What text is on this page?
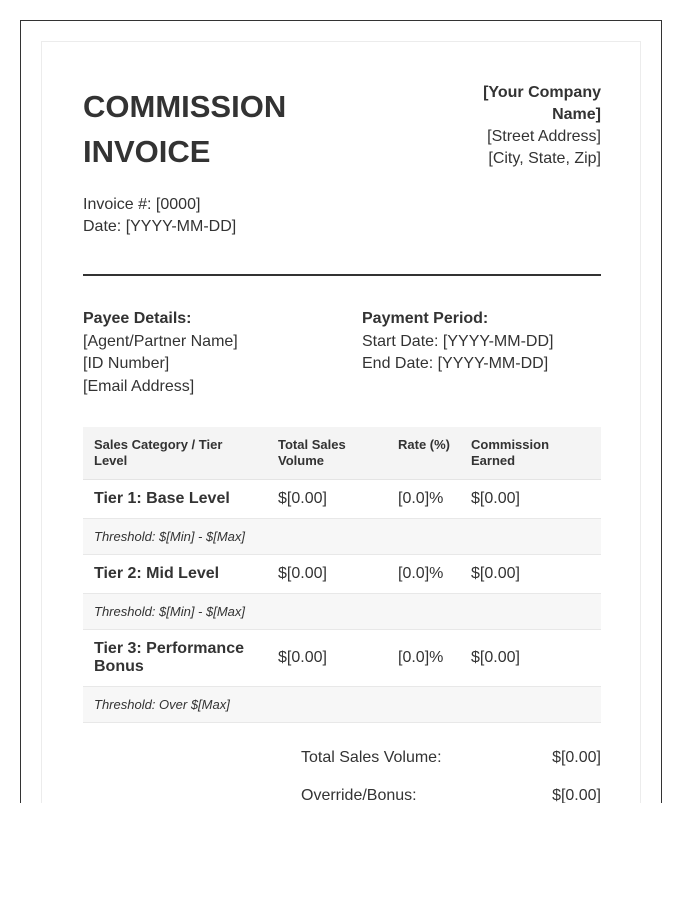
COMMISSION
INVOICE
[Your Company Name]
[Street Address]
[City, State, Zip]
Invoice #: [0000]
Date: [YYYY-MM-DD]
Payee Details:
[Agent/Partner Name]
[ID Number]
[Email Address]
Payment Period:
Start Date: [YYYY-MM-DD]
End Date: [YYYY-MM-DD]
Sales Category / Tier Level	Total Sales Volume	Rate (%)	Commission Earned
Tier 1: Base Level	$[0.00]	[0.0]%	$[0.00]
Threshold: $[Min] - $[Max]			
Tier 2: Mid Level	$[0.00]	[0.0]%	$[0.00]
Threshold: $[Min] - $[Max]			
Tier 3: Performance Bonus	$[0.00]	[0.0]%	$[0.00]
Threshold: Over $[Max]			
Total Sales Volume:	$[0.00]
Override/Bonus:	$[0.00]
